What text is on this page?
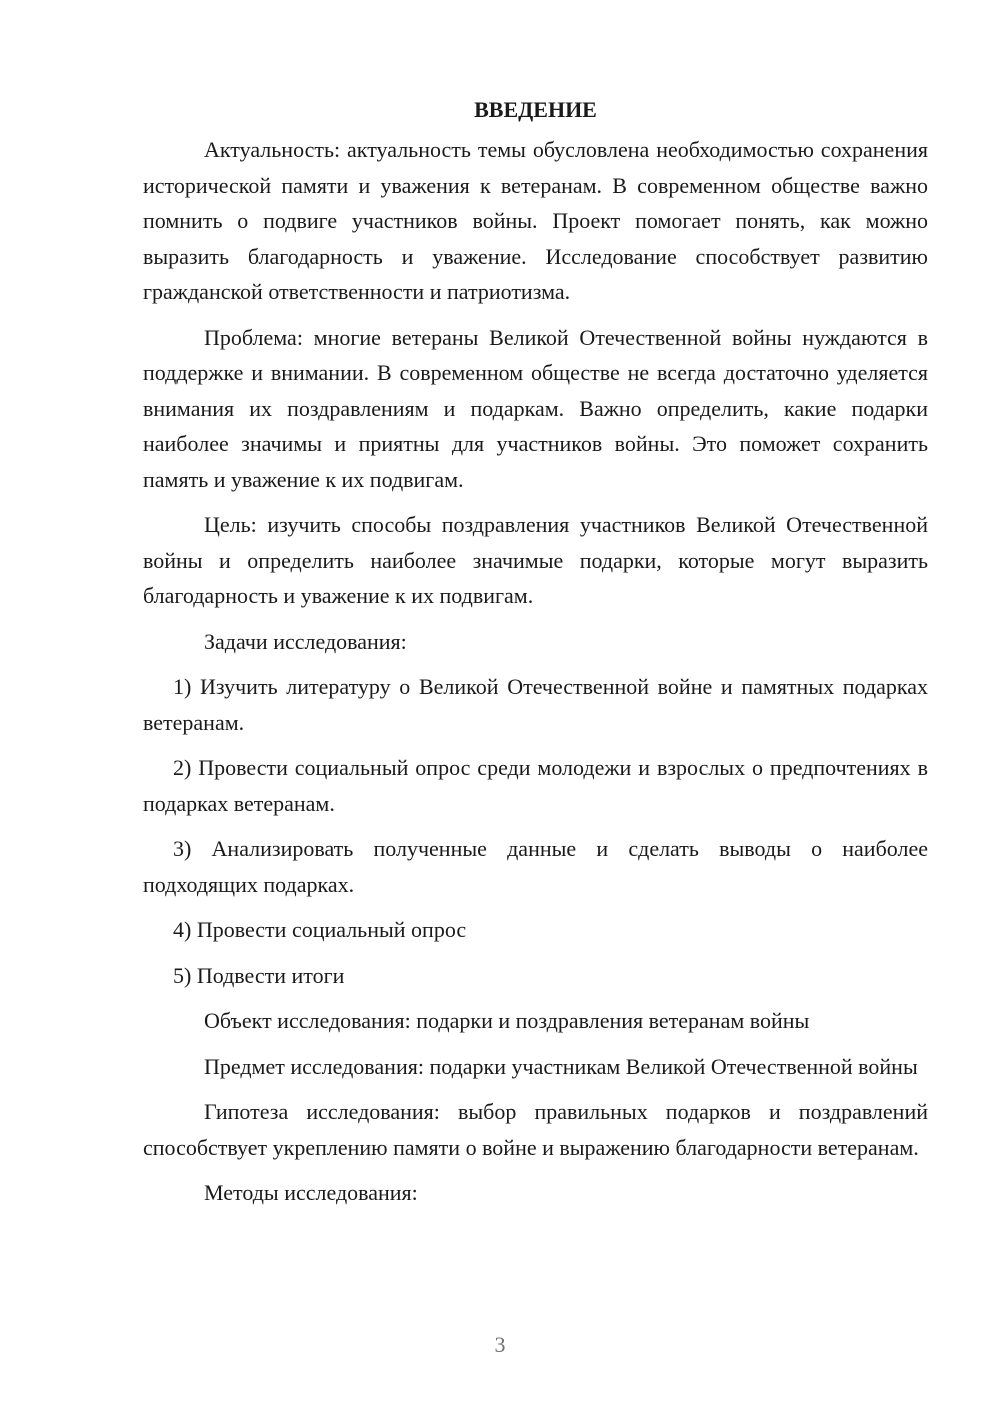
ВВЕДЕНИЕ

Актуальность: актуальность темы обусловлена необходимостью сохранения исторической памяти и уважения к ветеранам. В современном обществе важно помнить о подвиге участников войны. Проект помогает понять, как можно выразить благодарность и уважение. Исследование способствует развитию гражданской ответственности и патриотизма.

Проблема: многие ветераны Великой Отечественной войны нуждаются в поддержке и внимании. В современном обществе не всегда достаточно уделяется внимания их поздравлениям и подаркам. Важно определить, какие подарки наиболее значимы и приятны для участников войны. Это поможет сохранить память и уважение к их подвигам.

Цель: изучить способы поздравления участников Великой Отечественной войны и определить наиболее значимые подарки, которые могут выразить благодарность и уважение к их подвигам.

Задачи исследования:

1) Изучить литературу о Великой Отечественной войне и памятных подарках ветеранам.

2) Провести социальный опрос среди молодежи и взрослых о предпочтениях в подарках ветеранам.

3) Анализировать полученные данные и сделать выводы о наиболее подходящих подарках.

4) Провести социальный опрос

5) Подвести итоги

Объект исследования: подарки и поздравления ветеранам войны

Предмет исследования: подарки участникам Великой Отечественной войны

Гипотеза исследования: выбор правильных подарков и поздравлений способствует укреплению памяти о войне и выражению благодарности ветеранам.

Методы исследования:

3
